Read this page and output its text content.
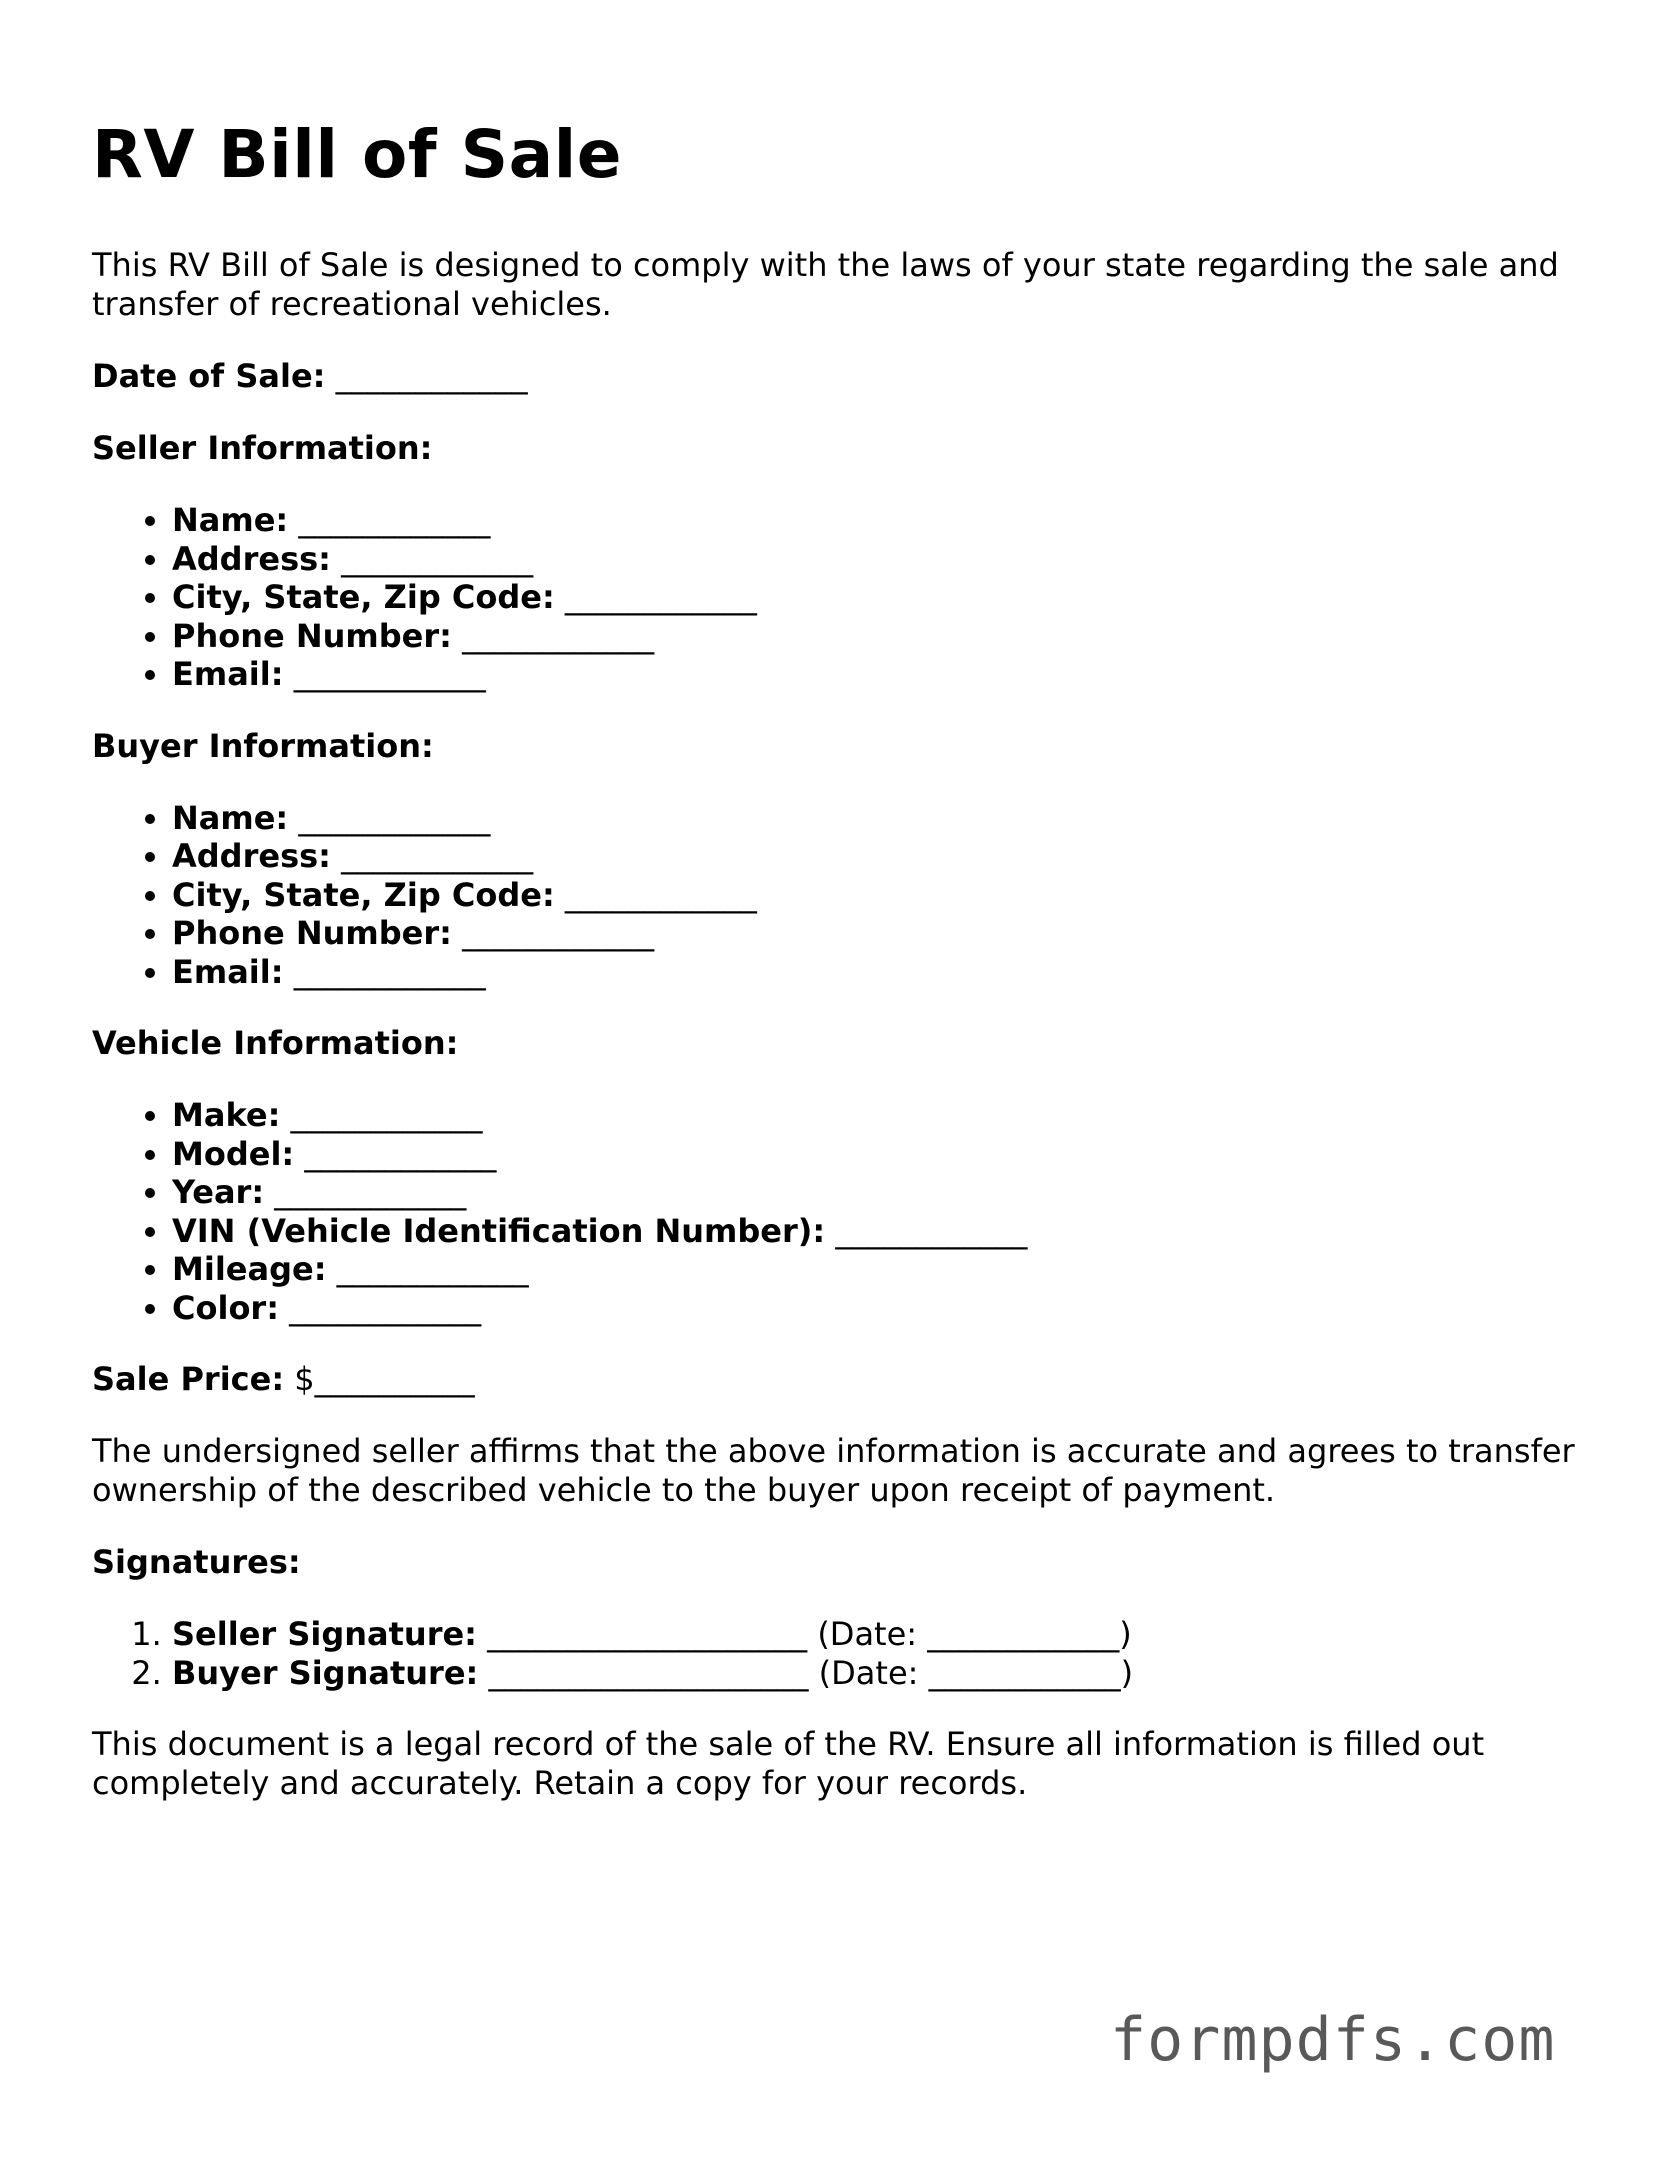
RV Bill of Sale

This RV Bill of Sale is designed to comply with the laws of your state regarding the sale and transfer of recreational vehicles.

Date of Sale: ____________

Seller Information:

• Name: ____________
• Address: ____________
• City, State, Zip Code: ____________
• Phone Number: ____________
• Email: ____________

Buyer Information:

• Name: ____________
• Address: ____________
• City, State, Zip Code: ____________
• Phone Number: ____________
• Email: ____________

Vehicle Information:

• Make: ____________
• Model: ____________
• Year: ____________
• VIN (Vehicle Identification Number): ____________
• Mileage: ____________
• Color: ____________

Sale Price: $__________

The undersigned seller affirms that the above information is accurate and agrees to transfer ownership of the described vehicle to the buyer upon receipt of payment.

Signatures:

1. Seller Signature: ____________________ (Date: ____________)
2. Buyer Signature: ____________________ (Date: ____________)

This document is a legal record of the sale of the RV. Ensure all information is filled out completely and accurately. Retain a copy for your records.

formpdfs.com
